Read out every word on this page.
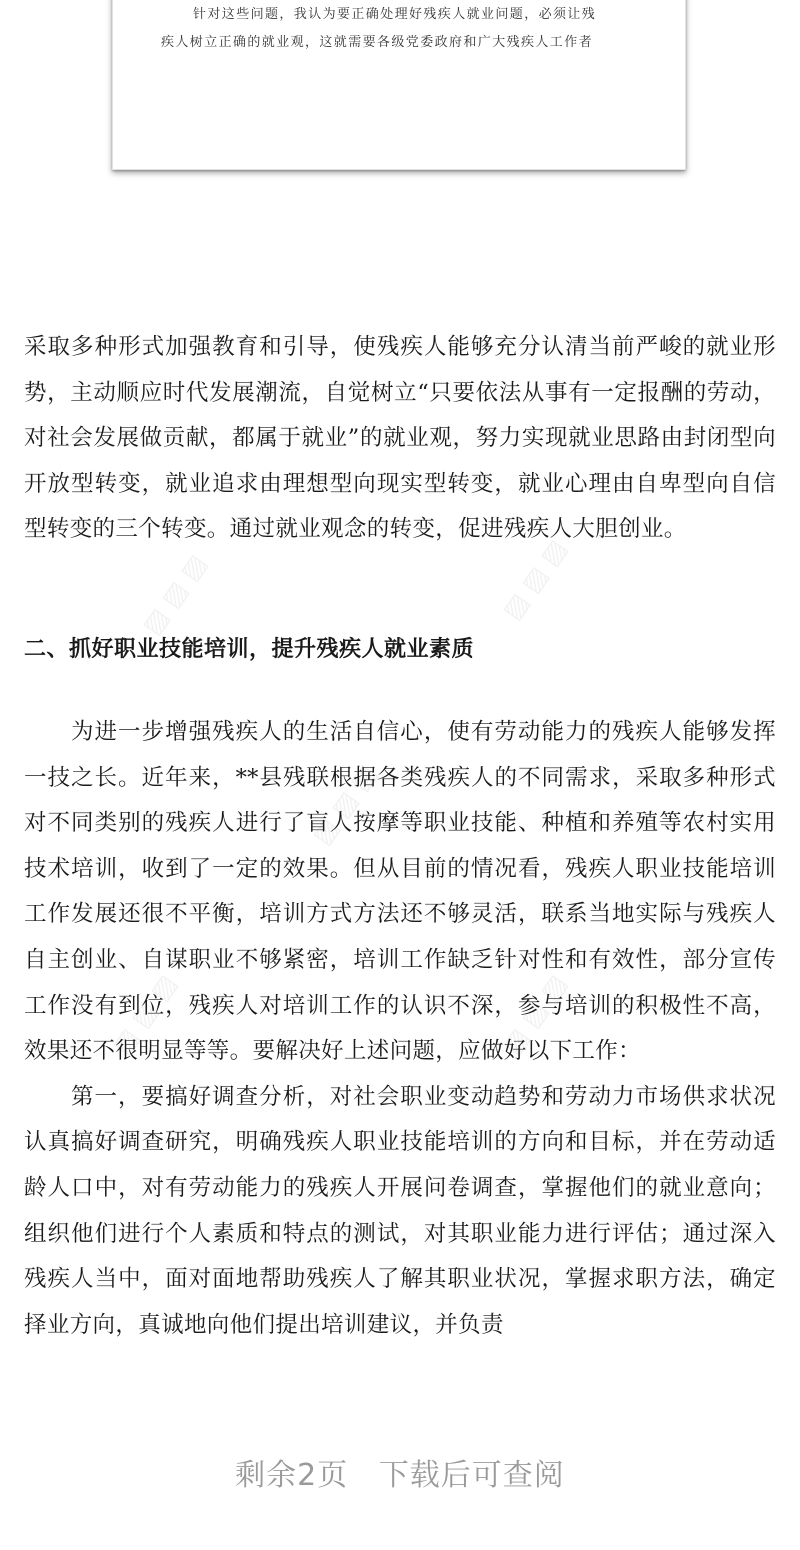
针对这些问题，我认为要正确处理好残疾人就业问题，必须让残
疾人树立正确的就业观，这就需要各级党委政府和广大残疾人工作者

采取多种形式加强教育和引导，使残疾人能够充分认清当前严峻的就业形势，主动顺应时代发展潮流，自觉树立“只要依法从事有一定报酬的劳动，对社会发展做贡献，都属于就业”的就业观，努力实现就业思路由封闭型向开放型转变，就业追求由理想型向现实型转变，就业心理由自卑型向自信型转变的三个转变。通过就业观念的转变，促进残疾人大胆创业。

二、抓好职业技能培训，提升残疾人就业素质

为进一步增强残疾人的生活自信心，使有劳动能力的残疾人能够发挥一技之长。近年来，**县残联根据各类残疾人的不同需求，采取多种形式对不同类别的残疾人进行了盲人按摩等职业技能、种植和养殖等农村实用技术培训，收到了一定的效果。但从目前的情况看，残疾人职业技能培训工作发展还很不平衡，培训方式方法还不够灵活，联系当地实际与残疾人自主创业、自谋职业不够紧密，培训工作缺乏针对性和有效性，部分宣传工作没有到位，残疾人对培训工作的认识不深，参与培训的积极性不高，效果还不很明显等等。要解决好上述问题，应做好以下工作：

第一，要搞好调查分析，对社会职业变动趋势和劳动力市场供求状况认真搞好调查研究，明确残疾人职业技能培训的方向和目标，并在劳动适龄人口中，对有劳动能力的残疾人开展问卷调查，掌握他们的就业意向；组织他们进行个人素质和特点的测试，对其职业能力进行评估；通过深入残疾人当中，面对面地帮助残疾人了解其职业状况，掌握求职方法，确定择业方向，真诚地向他们提出培训建议，并负责

▨ ▨ ▨	▨ ▨ ▨
▨ ▨ ▨
▨ ▨ ▨
▨ ▨ ▨
剩余2页 下载后可查阅
